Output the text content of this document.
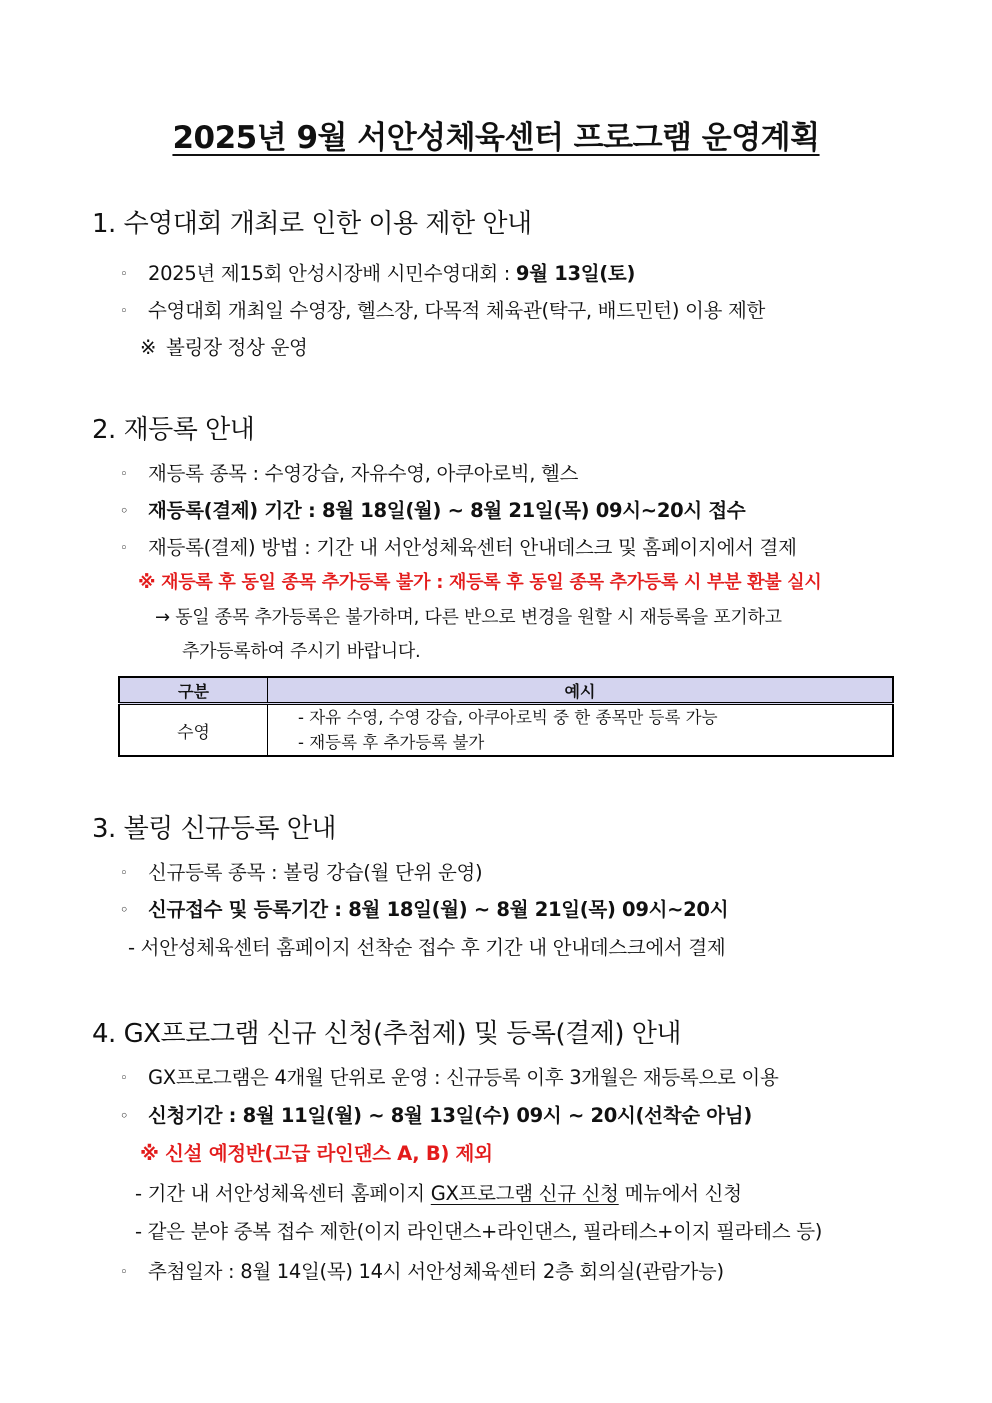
2025년 9월 서안성체육센터 프로그램 운영계획
1. 수영대회 개최로 인한 이용 제한 안내
◦ 2025년 제15회 안성시장배 시민수영대회 : 9월 13일(토)
◦ 수영대회 개최일 수영장, 헬스장, 다목적 체육관(탁구, 배드민턴) 이용 제한
※ 볼링장 정상 운영
2. 재등록 안내
◦ 재등록 종목 : 수영강습, 자유수영, 아쿠아로빅, 헬스
◦ 재등록(결제) 기간 : 8월 18일(월) ~ 8월 21일(목) 09시~20시 접수
◦ 재등록(결제) 방법 : 기간 내 서안성체육센터 안내데스크 및 홈페이지에서 결제
※ 재등록 후 동일 종목 추가등록 불가 : 재등록 후 동일 종목 추가등록 시 부분 환불 실시
→ 동일 종목 추가등록은 불가하며, 다른 반으로 변경을 원할 시 재등록을 포기하고
추가등록하여 주시기 바랍니다.
구분	예시
수영	- 자유 수영, 수영 강습, 아쿠아로빅 중 한 종목만 등록 가능
- 재등록 후 추가등록 불가
3. 볼링 신규등록 안내
◦ 신규등록 종목 : 볼링 강습(월 단위 운영)
◦ 신규접수 및 등록기간 : 8월 18일(월) ~ 8월 21일(목) 09시~20시
- 서안성체육센터 홈페이지 선착순 접수 후 기간 내 안내데스크에서 결제
4. GX프로그램 신규 신청(추첨제) 및 등록(결제) 안내
◦ GX프로그램은 4개월 단위로 운영 : 신규등록 이후 3개월은 재등록으로 이용
◦ 신청기간 : 8월 11일(월) ~ 8월 13일(수) 09시 ~ 20시(선착순 아님)
※ 신설 예정반(고급 라인댄스 A, B) 제외
- 기간 내 서안성체육센터 홈페이지 GX프로그램 신규 신청 메뉴에서 신청
- 같은 분야 중복 접수 제한(이지 라인댄스+라인댄스, 필라테스+이지 필라테스 등)
◦ 추첨일자 : 8월 14일(목) 14시 서안성체육센터 2층 회의실(관람가능)
